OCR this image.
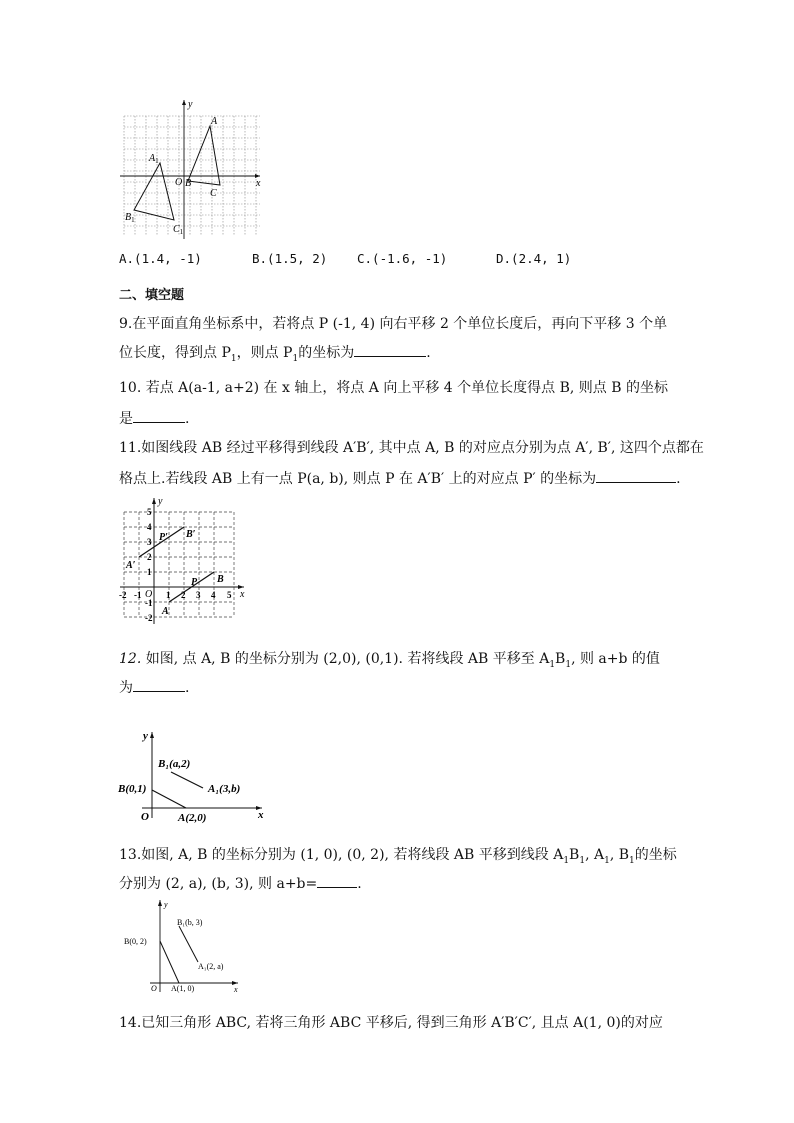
y
x
O
A
B
C
$A_1$
$B_1$
$C_1$
A.(1.4, -1)	B.(1.5, 2) C.(-1.6, -1)	D.(2.4, 1)
二、填空题
9.在平面直角坐标系中，若将点 P (-1, 4) 向右平移 2 个单位长度后，再向下平移 3 个单
位长度，得到点 $P_1$，则点 $P_1$的坐标为	.
10. 若点 A(a-1, a+2) 在 x 轴上，将点 A 向上平移 4 个单位长度得点 B, 则点 B 的坐标
是	.
11.如图线段 AB 经过平移得到线段 A′B′, 其中点 A, B 的对应点分别为点 A′, B′, 这四个点都在
格点上.若线段 AB 上有一点 P(a, b), 则点 P 在 A′B′ 上的对应点 P′ 的坐标为	.
y
x
O
-2 -1	1 2 3 4 5
5
4
3
2
1
-1
-2
A
B
P
A′
B′
P′
12. 如图, 点 A, B 的坐标分别为 (2,0), (0,1). 若将线段 AB 平移至 $A_1B_1$, 则 a+b 的值
为	.
y
x
O
B(0,1)
A(2,0)
B₁(a,2)
A₁(3,b)
13.如图, A, B 的坐标分别为 (1, 0), (0, 2), 若将线段 AB 平移到线段 $A_1B_1$, $A_1$, $B_1$的坐标
分别为 (2, a), (b, 3), 则 a+b=	.
y
x
O
B(0, 2)
A(1, 0)
B₁(b, 3)
A₁(2, a)
14.已知三角形 ABC, 若将三角形 ABC 平移后, 得到三角形 A′B′C′, 且点 A(1, 0)的对应
